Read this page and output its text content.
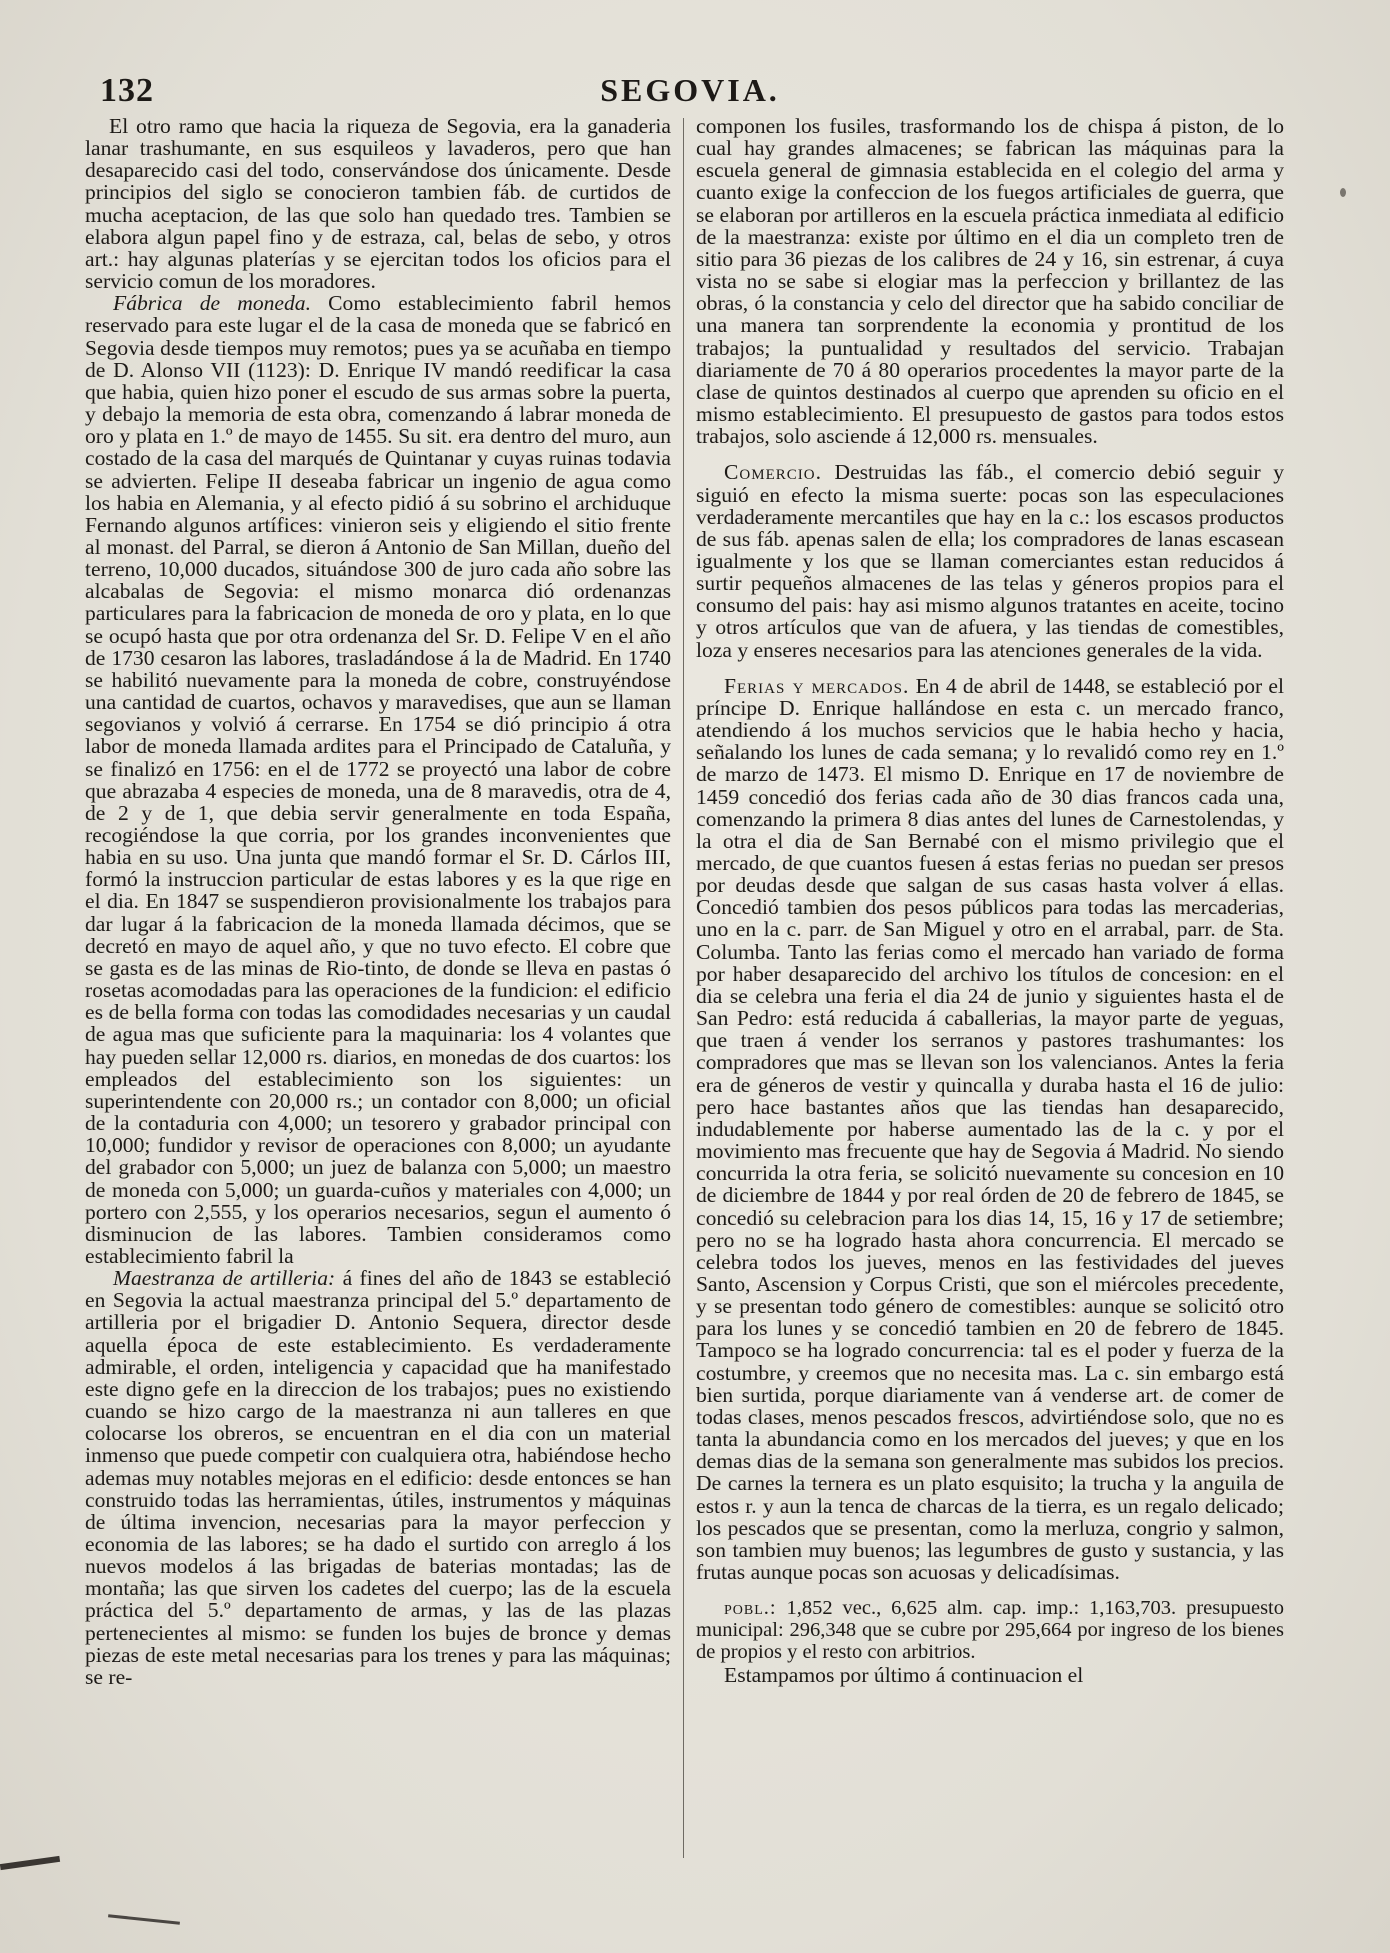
132	SEGOVIA.

El otro ramo que hacia la riqueza de Segovia, era la ganaderia lanar trashumante, en sus esquileos y lavaderos, pero que han desaparecido casi del todo, conservándose dos únicamente. Desde principios del siglo se conocieron tambien fáb. de curtidos de mucha aceptacion, de las que solo han quedado tres. Tambien se elabora algun papel fino y de estraza, cal, belas de sebo, y otros art.: hay algunas platerías y se ejercitan todos los oficios para el servicio comun de los moradores.

Fábrica de moneda. Como establecimiento fabril hemos reservado para este lugar el de la casa de moneda que se fabricó en Segovia desde tiempos muy remotos; pues ya se acuñaba en tiempo de D. Alonso VII (1123): D. Enrique IV mandó reedificar la casa que habia, quien hizo poner el escudo de sus armas sobre la puerta, y debajo la memoria de esta obra, comenzando á labrar moneda de oro y plata en 1.º de mayo de 1455. Su sit. era dentro del muro, aun costado de la casa del marqués de Quintanar y cuyas ruinas todavia se advierten. Felipe II deseaba fabricar un ingenio de agua como los habia en Alemania, y al efecto pidió á su sobrino el archiduque Fernando algunos artífices: vinieron seis y eligiendo el sitio frente al monast. del Parral, se dieron á Antonio de San Millan, dueño del terreno, 10,000 ducados, situándose 300 de juro cada año sobre las alcabalas de Segovia: el mismo monarca dió ordenanzas particulares para la fabricacion de moneda de oro y plata, en lo que se ocupó hasta que por otra ordenanza del Sr. D. Felipe V en el año de 1730 cesaron las labores, trasladándose á la de Madrid. En 1740 se habilitó nuevamente para la moneda de cobre, construyéndose una cantidad de cuartos, ochavos y maravedises, que aun se llaman segovianos y volvió á cerrarse. En 1754 se dió principio á otra labor de moneda llamada ardites para el Principado de Cataluña, y se finalizó en 1756: en el de 1772 se proyectó una labor de cobre que abrazaba 4 especies de moneda, una de 8 maravedis, otra de 4, de 2 y de 1, que debia servir generalmente en toda España, recogiéndose la que corria, por los grandes inconvenientes que habia en su uso. Una junta que mandó formar el Sr. D. Cárlos III, formó la instruccion particular de estas labores y es la que rige en el dia. En 1847 se suspendieron provisionalmente los trabajos para dar lugar á la fabricacion de la moneda llamada décimos, que se decretó en mayo de aquel año, y que no tuvo efecto. El cobre que se gasta es de las minas de Rio-tinto, de donde se lleva en pastas ó rosetas acomodadas para las operaciones de la fundicion: el edificio es de bella forma con todas las comodidades necesarias y un caudal de agua mas que suficiente para la maquinaria: los 4 volantes que hay pueden sellar 12,000 rs. diarios, en monedas de dos cuartos: los empleados del establecimiento son los siguientes: un superintendente con 20,000 rs.; un contador con 8,000; un oficial de la contaduria con 4,000; un tesorero y grabador principal con 10,000; fundidor y revisor de operaciones con 8,000; un ayudante del grabador con 5,000; un juez de balanza con 5,000; un maestro de moneda con 5,000; un guarda-cuños y materiales con 4,000; un portero con 2,555, y los operarios necesarios, segun el aumento ó disminucion de las labores. Tambien consideramos como establecimiento fabril la

Maestranza de artilleria: á fines del año de 1843 se estableció en Segovia la actual maestranza principal del 5.º departamento de artilleria por el brigadier D. Antonio Sequera, director desde aquella época de este establecimiento. Es verdaderamente admirable, el orden, inteligencia y capacidad que ha manifestado este digno gefe en la direccion de los trabajos; pues no existiendo cuando se hizo cargo de la maestranza ni aun talleres en que colocarse los obreros, se encuentran en el dia con un material inmenso que puede competir con cualquiera otra, habiéndose hecho ademas muy notables mejoras en el edificio: desde entonces se han construido todas las herramientas, útiles, instrumentos y máquinas de última invencion, necesarias para la mayor perfeccion y economia de las labores; se ha dado el surtido con arreglo á los nuevos modelos á las brigadas de baterias montadas; las de montaña; las que sirven los cadetes del cuerpo; las de la escuela práctica del 5.º departamento de armas, y las de las plazas pertenecientes al mismo: se funden los bujes de bronce y demas piezas de este metal necesarias para los trenes y para las máquinas; se re-

componen los fusiles, trasformando los de chispa á piston, de lo cual hay grandes almacenes; se fabrican las máquinas para la escuela general de gimnasia establecida en el colegio del arma y cuanto exige la confeccion de los fuegos artificiales de guerra, que se elaboran por artilleros en la escuela práctica inmediata al edificio de la maestranza: existe por último en el dia un completo tren de sitio para 36 piezas de los calibres de 24 y 16, sin estrenar, á cuya vista no se sabe si elogiar mas la perfeccion y brillantez de las obras, ó la constancia y celo del director que ha sabido conciliar de una manera tan sorprendente la economia y prontitud de los trabajos; la puntualidad y resultados del servicio. Trabajan diariamente de 70 á 80 operarios procedentes la mayor parte de la clase de quintos destinados al cuerpo que aprenden su oficio en el mismo establecimiento. El presupuesto de gastos para todos estos trabajos, solo asciende á 12,000 rs. mensuales.

Comercio. Destruidas las fáb., el comercio debió seguir y siguió en efecto la misma suerte: pocas son las especulaciones verdaderamente mercantiles que hay en la c.: los escasos productos de sus fáb. apenas salen de ella; los compradores de lanas escasean igualmente y los que se llaman comerciantes estan reducidos á surtir pequeños almacenes de las telas y géneros propios para el consumo del pais: hay asi mismo algunos tratantes en aceite, tocino y otros artículos que van de afuera, y las tiendas de comestibles, loza y enseres necesarios para las atenciones generales de la vida.

Ferias y mercados. En 4 de abril de 1448, se estableció por el príncipe D. Enrique hallándose en esta c. un mercado franco, atendiendo á los muchos servicios que le habia hecho y hacia, señalando los lunes de cada semana; y lo revalidó como rey en 1.º de marzo de 1473. El mismo D. Enrique en 17 de noviembre de 1459 concedió dos ferias cada año de 30 dias francos cada una, comenzando la primera 8 dias antes del lunes de Carnestolendas, y la otra el dia de San Bernabé con el mismo privilegio que el mercado, de que cuantos fuesen á estas ferias no puedan ser presos por deudas desde que salgan de sus casas hasta volver á ellas. Concedió tambien dos pesos públicos para todas las mercaderias, uno en la c. parr. de San Miguel y otro en el arrabal, parr. de Sta. Columba. Tanto las ferias como el mercado han variado de forma por haber desaparecido del archivo los títulos de concesion: en el dia se celebra una feria el dia 24 de junio y siguientes hasta el de San Pedro: está reducida á caballerias, la mayor parte de yeguas, que traen á vender los serranos y pastores trashumantes: los compradores que mas se llevan son los valencianos. Antes la feria era de géneros de vestir y quincalla y duraba hasta el 16 de julio: pero hace bastantes años que las tiendas han desaparecido, indudablemente por haberse aumentado las de la c. y por el movimiento mas frecuente que hay de Segovia á Madrid. No siendo concurrida la otra feria, se solicitó nuevamente su concesion en 10 de diciembre de 1844 y por real órden de 20 de febrero de 1845, se concedió su celebracion para los dias 14, 15, 16 y 17 de setiembre; pero no se ha logrado hasta ahora concurrencia. El mercado se celebra todos los jueves, menos en las festividades del jueves Santo, Ascension y Corpus Cristi, que son el miércoles precedente, y se presentan todo género de comestibles: aunque se solicitó otro para los lunes y se concedió tambien en 20 de febrero de 1845. Tampoco se ha logrado concurrencia: tal es el poder y fuerza de la costumbre, y creemos que no necesita mas. La c. sin embargo está bien surtida, porque diariamente van á venderse art. de comer de todas clases, menos pescados frescos, advirtiéndose solo, que no es tanta la abundancia como en los mercados del jueves; y que en los demas dias de la semana son generalmente mas subidos los precios. De carnes la ternera es un plato esquisito; la trucha y la anguila de estos r. y aun la tenca de charcas de la tierra, es un regalo delicado; los pescados que se presentan, como la merluza, congrio y salmon, son tambien muy buenos; las legumbres de gusto y sustancia, y las frutas aunque pocas son acuosas y delicadísimas.

pobl.: 1,852 vec., 6,625 alm. cap. imp.: 1,163,703. presupuesto municipal: 296,348 que se cubre por 295,664 por ingreso de los bienes de propios y el resto con arbitrios.

Estampamos por último á continuacion el
